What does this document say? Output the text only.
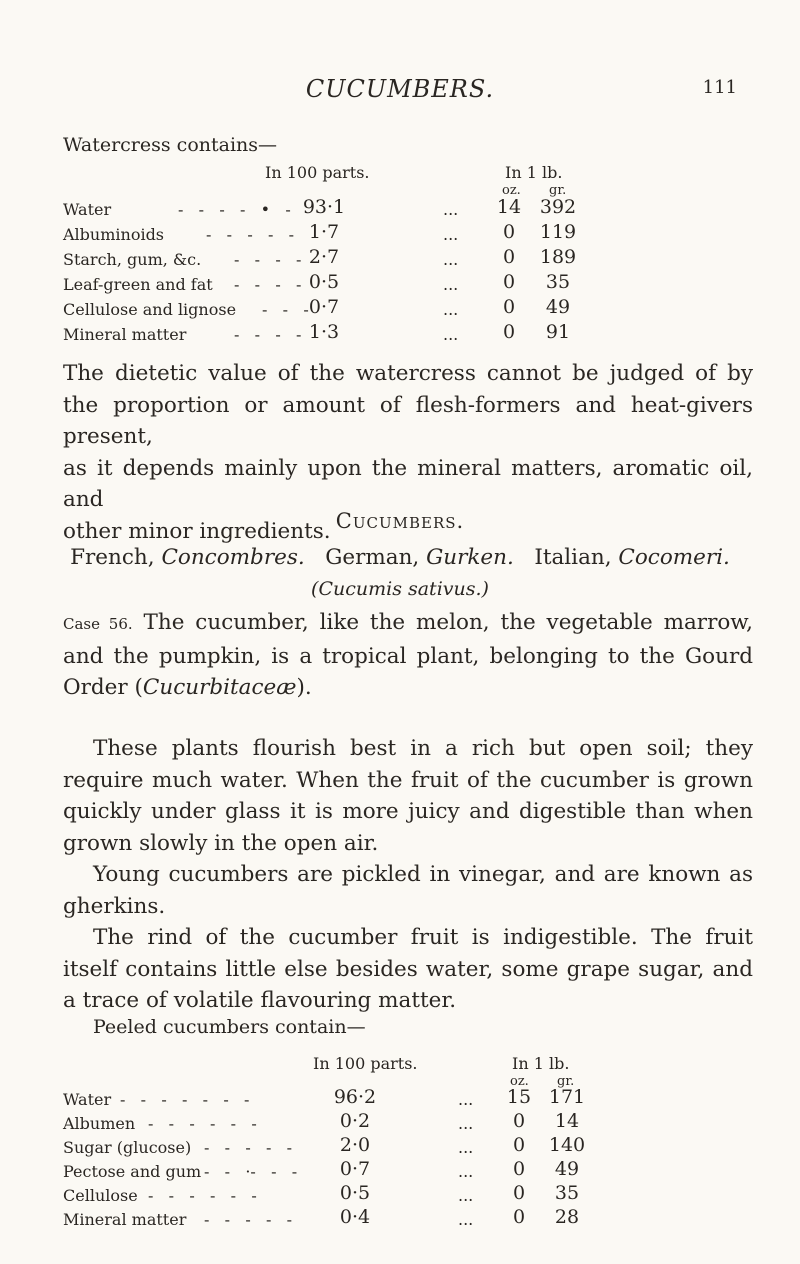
CUCUMBERS.	111
Watercress contains—
In 100 parts.	In 1 lb.
oz. gr.
Water	-   -   -   -   •   - 93·1	... 14 392
Albuminoids	-   -   -   -   - 1·7	...	0	119
Starch, gum, &c. -   -   -   - 2·7	...	0	189
Leaf-green and fat -   -   -   - 0·5	...	0	35
Cellulose and lignose -   -   - 0·7	...	0	49
Mineral matter	-   -   -   - 1·3	...	0	91
The dietetic value of the watercress cannot be judged of by
the proportion or amount of flesh-formers and heat-givers present,
as it depends mainly upon the mineral matters, aromatic oil, and
other minor ingredients. Cucumbers.
French, Concombres. German, Gurken. Italian, Cocomeri.
(Cucumis sativus.)
Case 56. The cucumber, like the melon, the vegetable marrow, and the pumpkin, is a tropical plant, belonging to the Gourd Order (Cucurbitaceæ).
These plants flourish best in a rich but open soil; they require much water. When the fruit of the cucumber is grown quickly under glass it is more juicy and digestible than when grown slowly in the open air.
Young cucumbers are pickled in vinegar, and are known as gherkins.
The rind of the cucumber fruit is indigestible. The fruit itself contains little else besides water, some grape sugar, and a trace of volatile flavouring matter.
Peeled cucumbers contain—
In 100 parts.	In 1 lb.
oz. gr.
Water -   -   -   -   -   -   -	96·2	... 15 171
Albumen -   -   -   -   -   -	0·2	...	0	14
Sugar (glucose) -   -   -   -   -	2·0	...	0	140
Pectose and gum -   -   ·-   -   -	0·7	...	0	49
Cellulose -   -   -   -   -   -	0·5	...	0	35
Mineral matter -   -   -   -   -	0·4	...	0	28
